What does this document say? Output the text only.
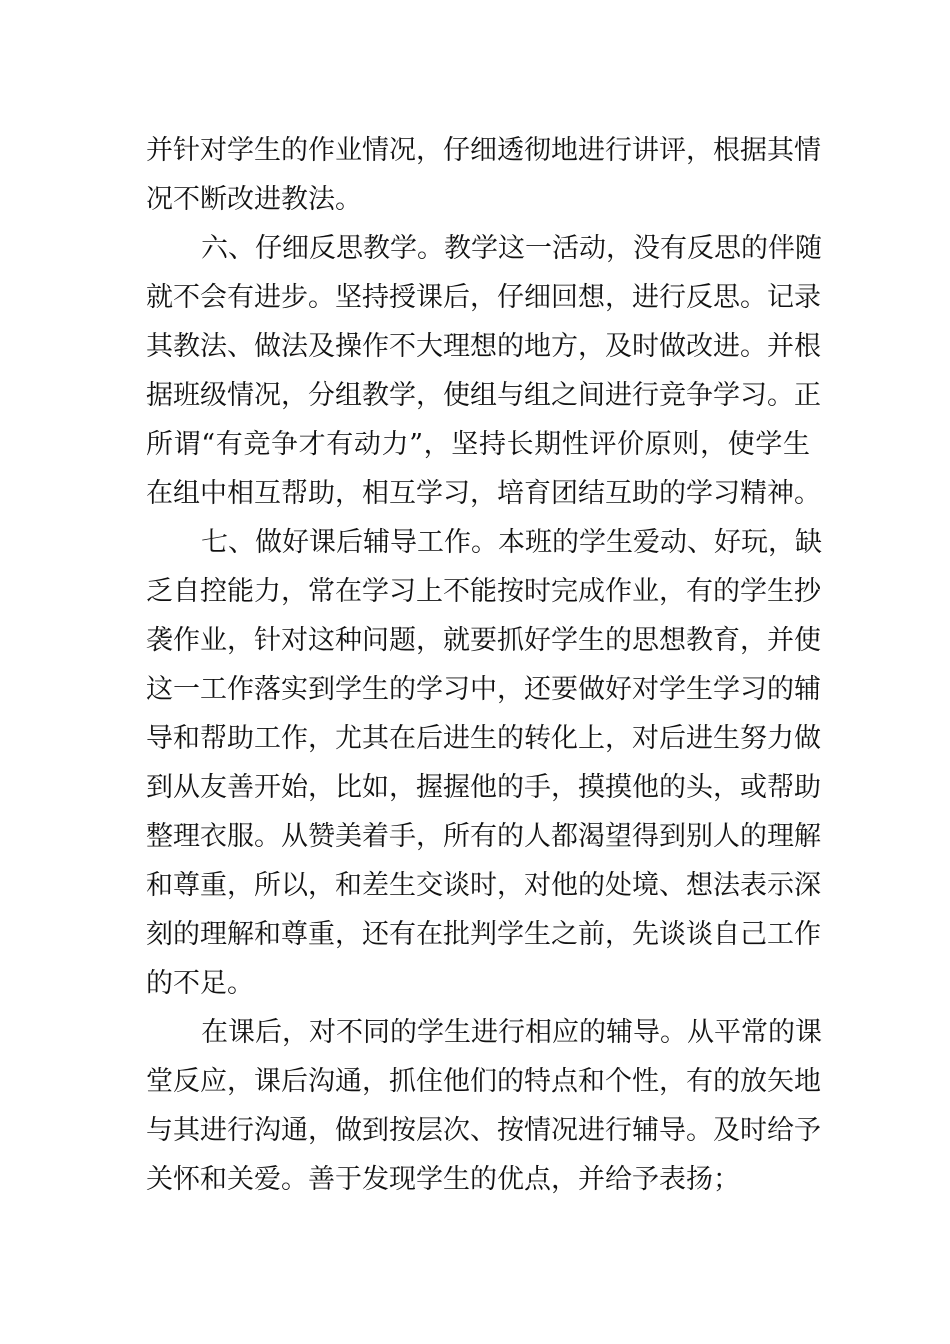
并针对学生的作业情况，仔细透彻地进行讲评，根据其情
况不断改进教法。
六、仔细反思教学。教学这一活动，没有反思的伴随
就不会有进步。坚持授课后，仔细回想，进行反思。记录
其教法、做法及操作不大理想的地方，及时做改进。并根
据班级情况，分组教学，使组与组之间进行竞争学习。正
所谓“有竞争才有动力”，坚持长期性评价原则，使学生
在组中相互帮助，相互学习，培育团结互助的学习精神。
七、做好课后辅导工作。本班的学生爱动、好玩，缺
乏自控能力，常在学习上不能按时完成作业，有的学生抄
袭作业，针对这种问题，就要抓好学生的思想教育，并使
这一工作落实到学生的学习中，还要做好对学生学习的辅
导和帮助工作，尤其在后进生的转化上，对后进生努力做
到从友善开始，比如，握握他的手，摸摸他的头，或帮助
整理衣服。从赞美着手，所有的人都渴望得到别人的理解
和尊重，所以，和差生交谈时，对他的处境、想法表示深
刻的理解和尊重，还有在批判学生之前，先谈谈自己工作
的不足。
在课后，对不同的学生进行相应的辅导。从平常的课
堂反应，课后沟通，抓住他们的特点和个性，有的放矢地
与其进行沟通，做到按层次、按情况进行辅导。及时给予
关怀和关爱。善于发现学生的优点，并给予表扬；
